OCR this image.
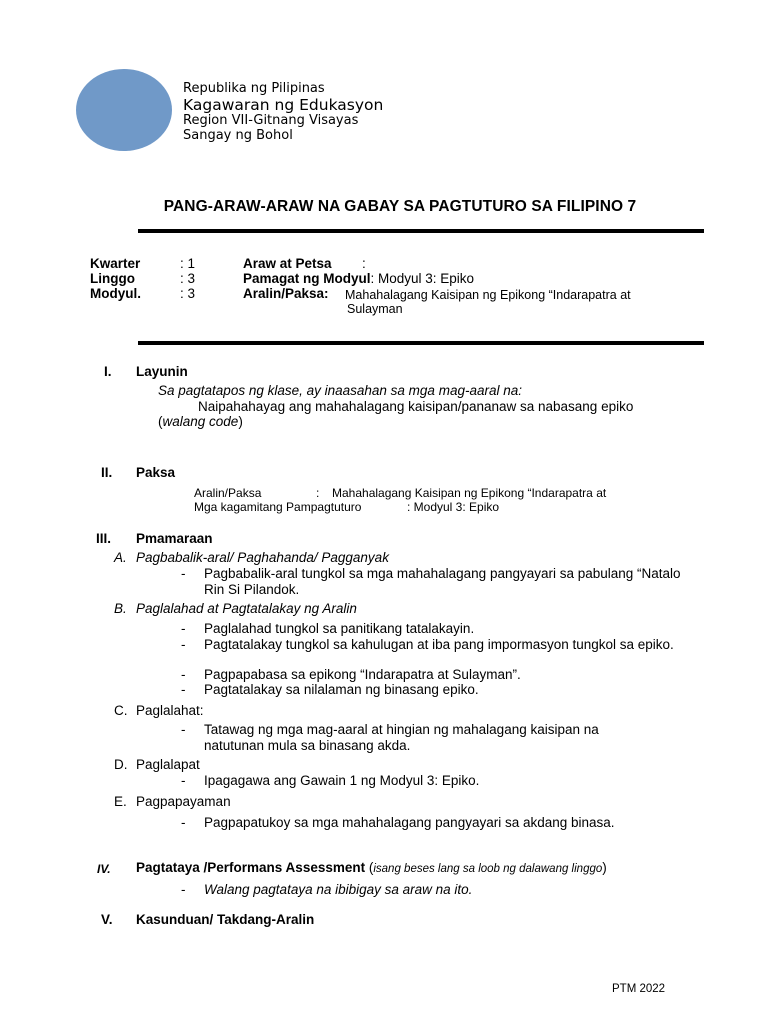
Republika ng Pilipinas
Kagawaran ng Edukasyon
Region VII-Gitnang Visayas
Sangay ng Bohol
PANG-ARAW-ARAW NA GABAY SA PAGTUTURO SA FILIPINO 7
Kwarter	: 1	Araw at Petsa :
Linggo	: 3	Pamagat ng Modyul: Modyul 3: Epiko
Modyul.	: 3	Aralin/Paksa: Mahahalagang Kaisipan ng Epikong “Indarapatra at
Sulayman
I. Layunin
Sa pagtatapos ng klase, ay inaasahan sa mga mag-aaral na:
Naipahahayag ang mahahalagang kaisipan/pananaw sa nabasang epiko
(walang code)
II. Paksa
Aralin/Paksa	: Mahahalagang Kaisipan ng Epikong “Indarapatra at
Mga kagamitang Pampagtuturo	: Modyul 3: Epiko
III. Pmamaraan
A. Pagbabalik-aral/ Paghahanda/ Pagganyak
- Pagbabalik-aral tungkol sa mga mahahalagang pangyayari sa pabulang “Natalo Rin Si Pilandok.
B. Paglalahad at Pagtatalakay ng Aralin
- Paglalahad tungkol sa panitikang tatalakayin.
- Pagtatalakay tungkol sa kahulugan at iba pang impormasyon tungkol sa epiko.
- Pagpapabasa sa epikong “Indarapatra at Sulayman”.
- Pagtatalakay sa nilalaman ng binasang epiko.
C. Paglalahat:
- Tatawag ng mga mag-aaral at hingian ng mahalagang kaisipan na natutunan mula sa binasang akda.
D. Paglalapat
- Ipagagawa ang Gawain 1 ng Modyul 3: Epiko.
E. Pagpapayaman
- Pagpapatukoy sa mga mahahalagang pangyayari sa akdang binasa.
IV. Pagtataya /Performans Assessment (isang beses lang sa loob ng dalawang linggo)
- Walang pagtataya na ibibigay sa araw na ito.
V. Kasunduan/ Takdang-Aralin
PTM 2022
